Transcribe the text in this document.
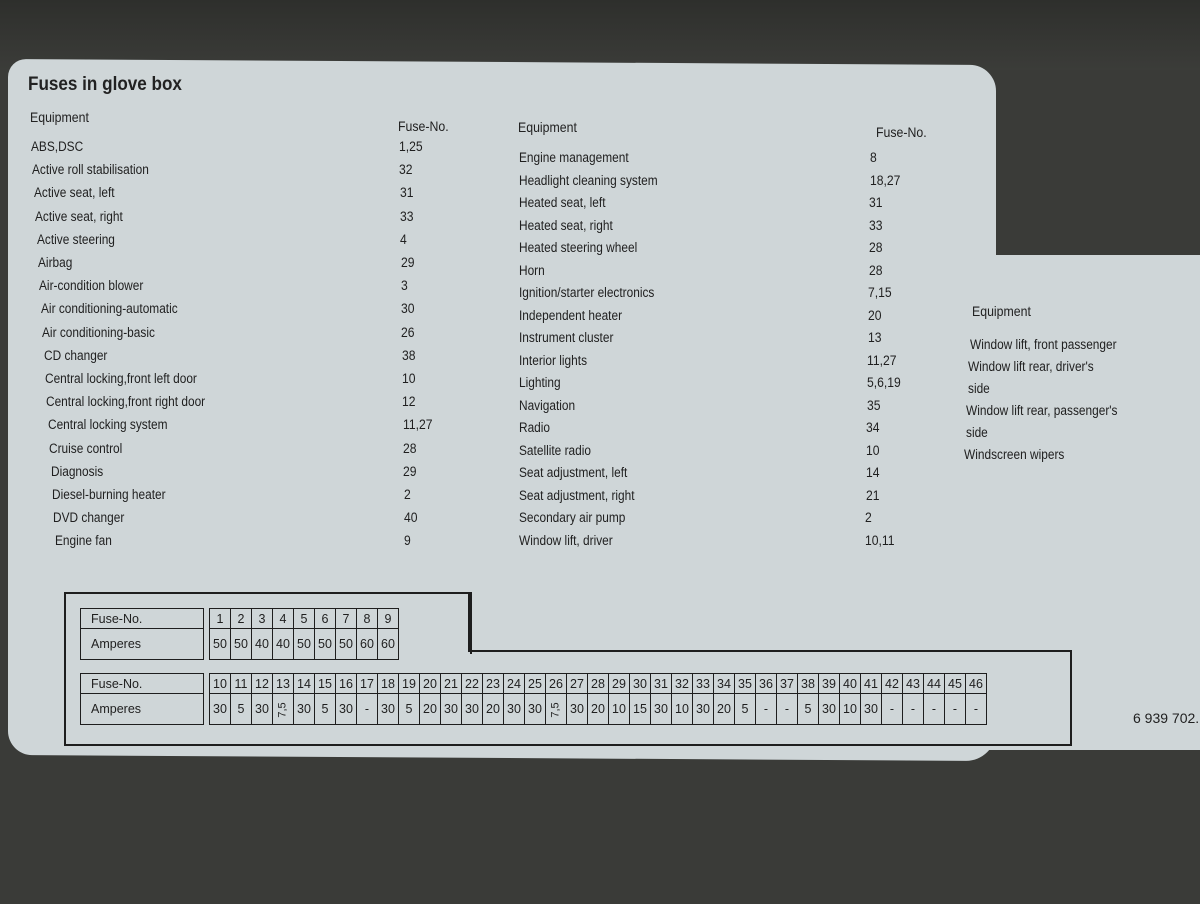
Fuses in glove box
Equipment
Fuse-No.	Equipment	Fuse-No.
Equipment
ABS,DSC	1,25
Active roll stabilisation	32
Active seat, left	31
Active seat, right	33
Active steering	4
Airbag	29
Air-condition blower	3
Air conditioning-automatic	30
Air conditioning-basic	26
CD changer	38
Central locking,front left door	10
Central locking,front right door	12
Central locking system	11,27
Cruise control	28
Diagnosis	29
Diesel-burning heater	2
DVD changer	40
Engine fan	9
Engine management	8
Headlight cleaning system	18,27
Heated seat, left	31
Heated seat, right	33
Heated steering wheel	28
Horn	28
Ignition/starter electronics	7,15
Independent heater	20
Instrument cluster	13
Interior lights	11,27
Lighting	5,6,19
Navigation	35
Radio	34
Satellite radio	10
Seat adjustment, left	14
Seat adjustment, right	21
Secondary air pump	2
Window lift, driver	10,11
Window lift, front passenger
Window lift rear, driver's
side
Window lift rear, passenger's
side
Windscreen wipers
Fuse-No.		1	2	3	4	5	6	7	8	9
Amperes		50	50	40	40	50	50	50	60	60
Fuse-No.		10	11	12	13	14	15	16	17	18	19	20	21	22	23	24	25	26	27	28	29	30	31	32	33	34	35	36	37	38	39	40	41	42	43	44	45	46
Amperes		30	5	30	7,5	30	5	30	-	30	5	20	30	30	20	30	30	7,5	30	20	10	15	30	10	30	20	5	-	-	5	30	10	30	-	-	-	-	-
6 939 702.
